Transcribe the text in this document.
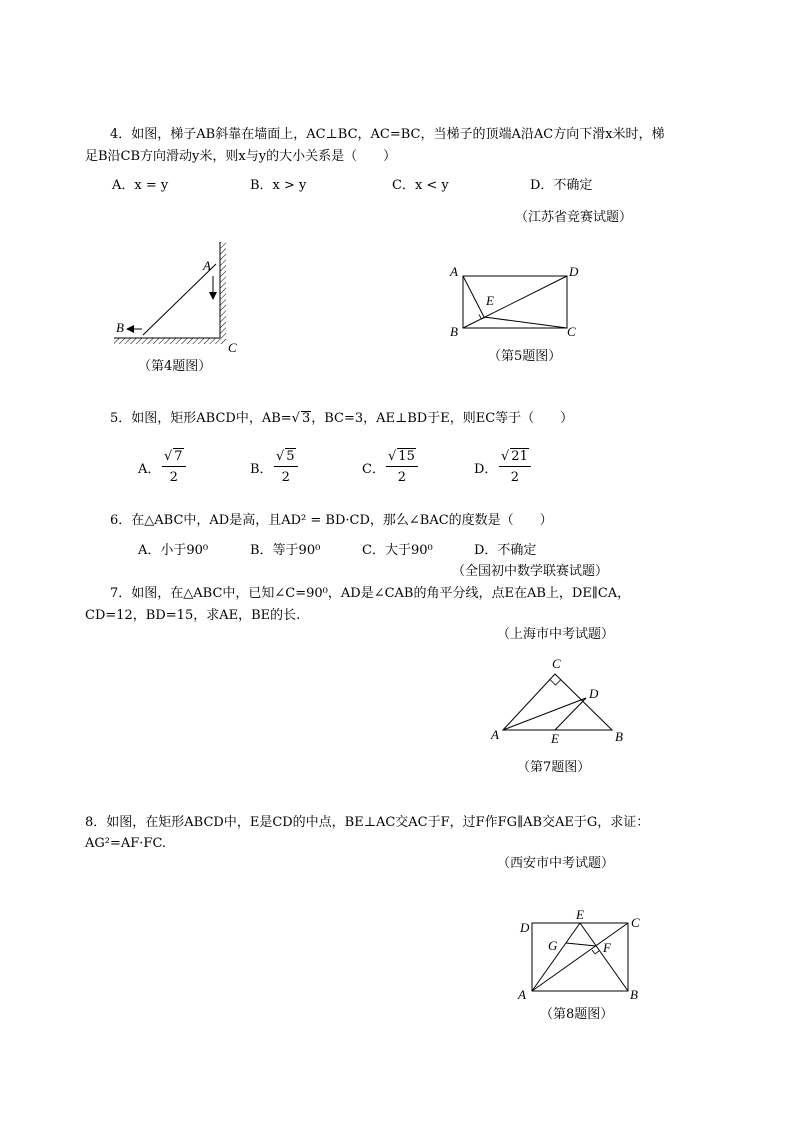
4．如图，梯子AB斜靠在墙面上，AC⊥BC，AC=BC，当梯子的顶端A沿AC方向下滑x米时，梯
足B沿CB方向滑动y米，则x与y的大小关系是（　　）
A．x = y	B．x > y	C．x < y	D．不确定
（江苏省竞赛试题）
A
B
C
（第4题图）
A
B	C
D
E
（第5题图）
5．如图，矩形ABCD中，AB=√ 3，BC=3，AE⊥BD于E，则EC等于（　　）
A． $\frac{√ 7}{2}$	B． $\frac{√ 5}{2}$	C． $\frac{√ 15}{2}$	D． $\frac{√ 21}{2}$
6．在△ABC中，AD是高，且AD² = BD·CD，那么∠BAC的度数是（　　）
A．小于90⁰	B．等于90⁰	C．大于90⁰	D．不确定
（全国初中数学联赛试题）
7．如图，在△ABC中，已知∠C=90⁰，AD是∠CAB的角平分线，点E在AB上，DE∥CA，
CD=12，BD=15，求AE，BE的长.
（上海市中考试题）
C
D
A	E	B
（第7题图）
8．如图，在矩形ABCD中，E是CD的中点，BE⊥AC交AC于F，过F作FG∥AB交AE于G，求证：
AG²=AF·FC.
（西安市中考试题）
D
E
C
G	F
A	B
（第8题图）
